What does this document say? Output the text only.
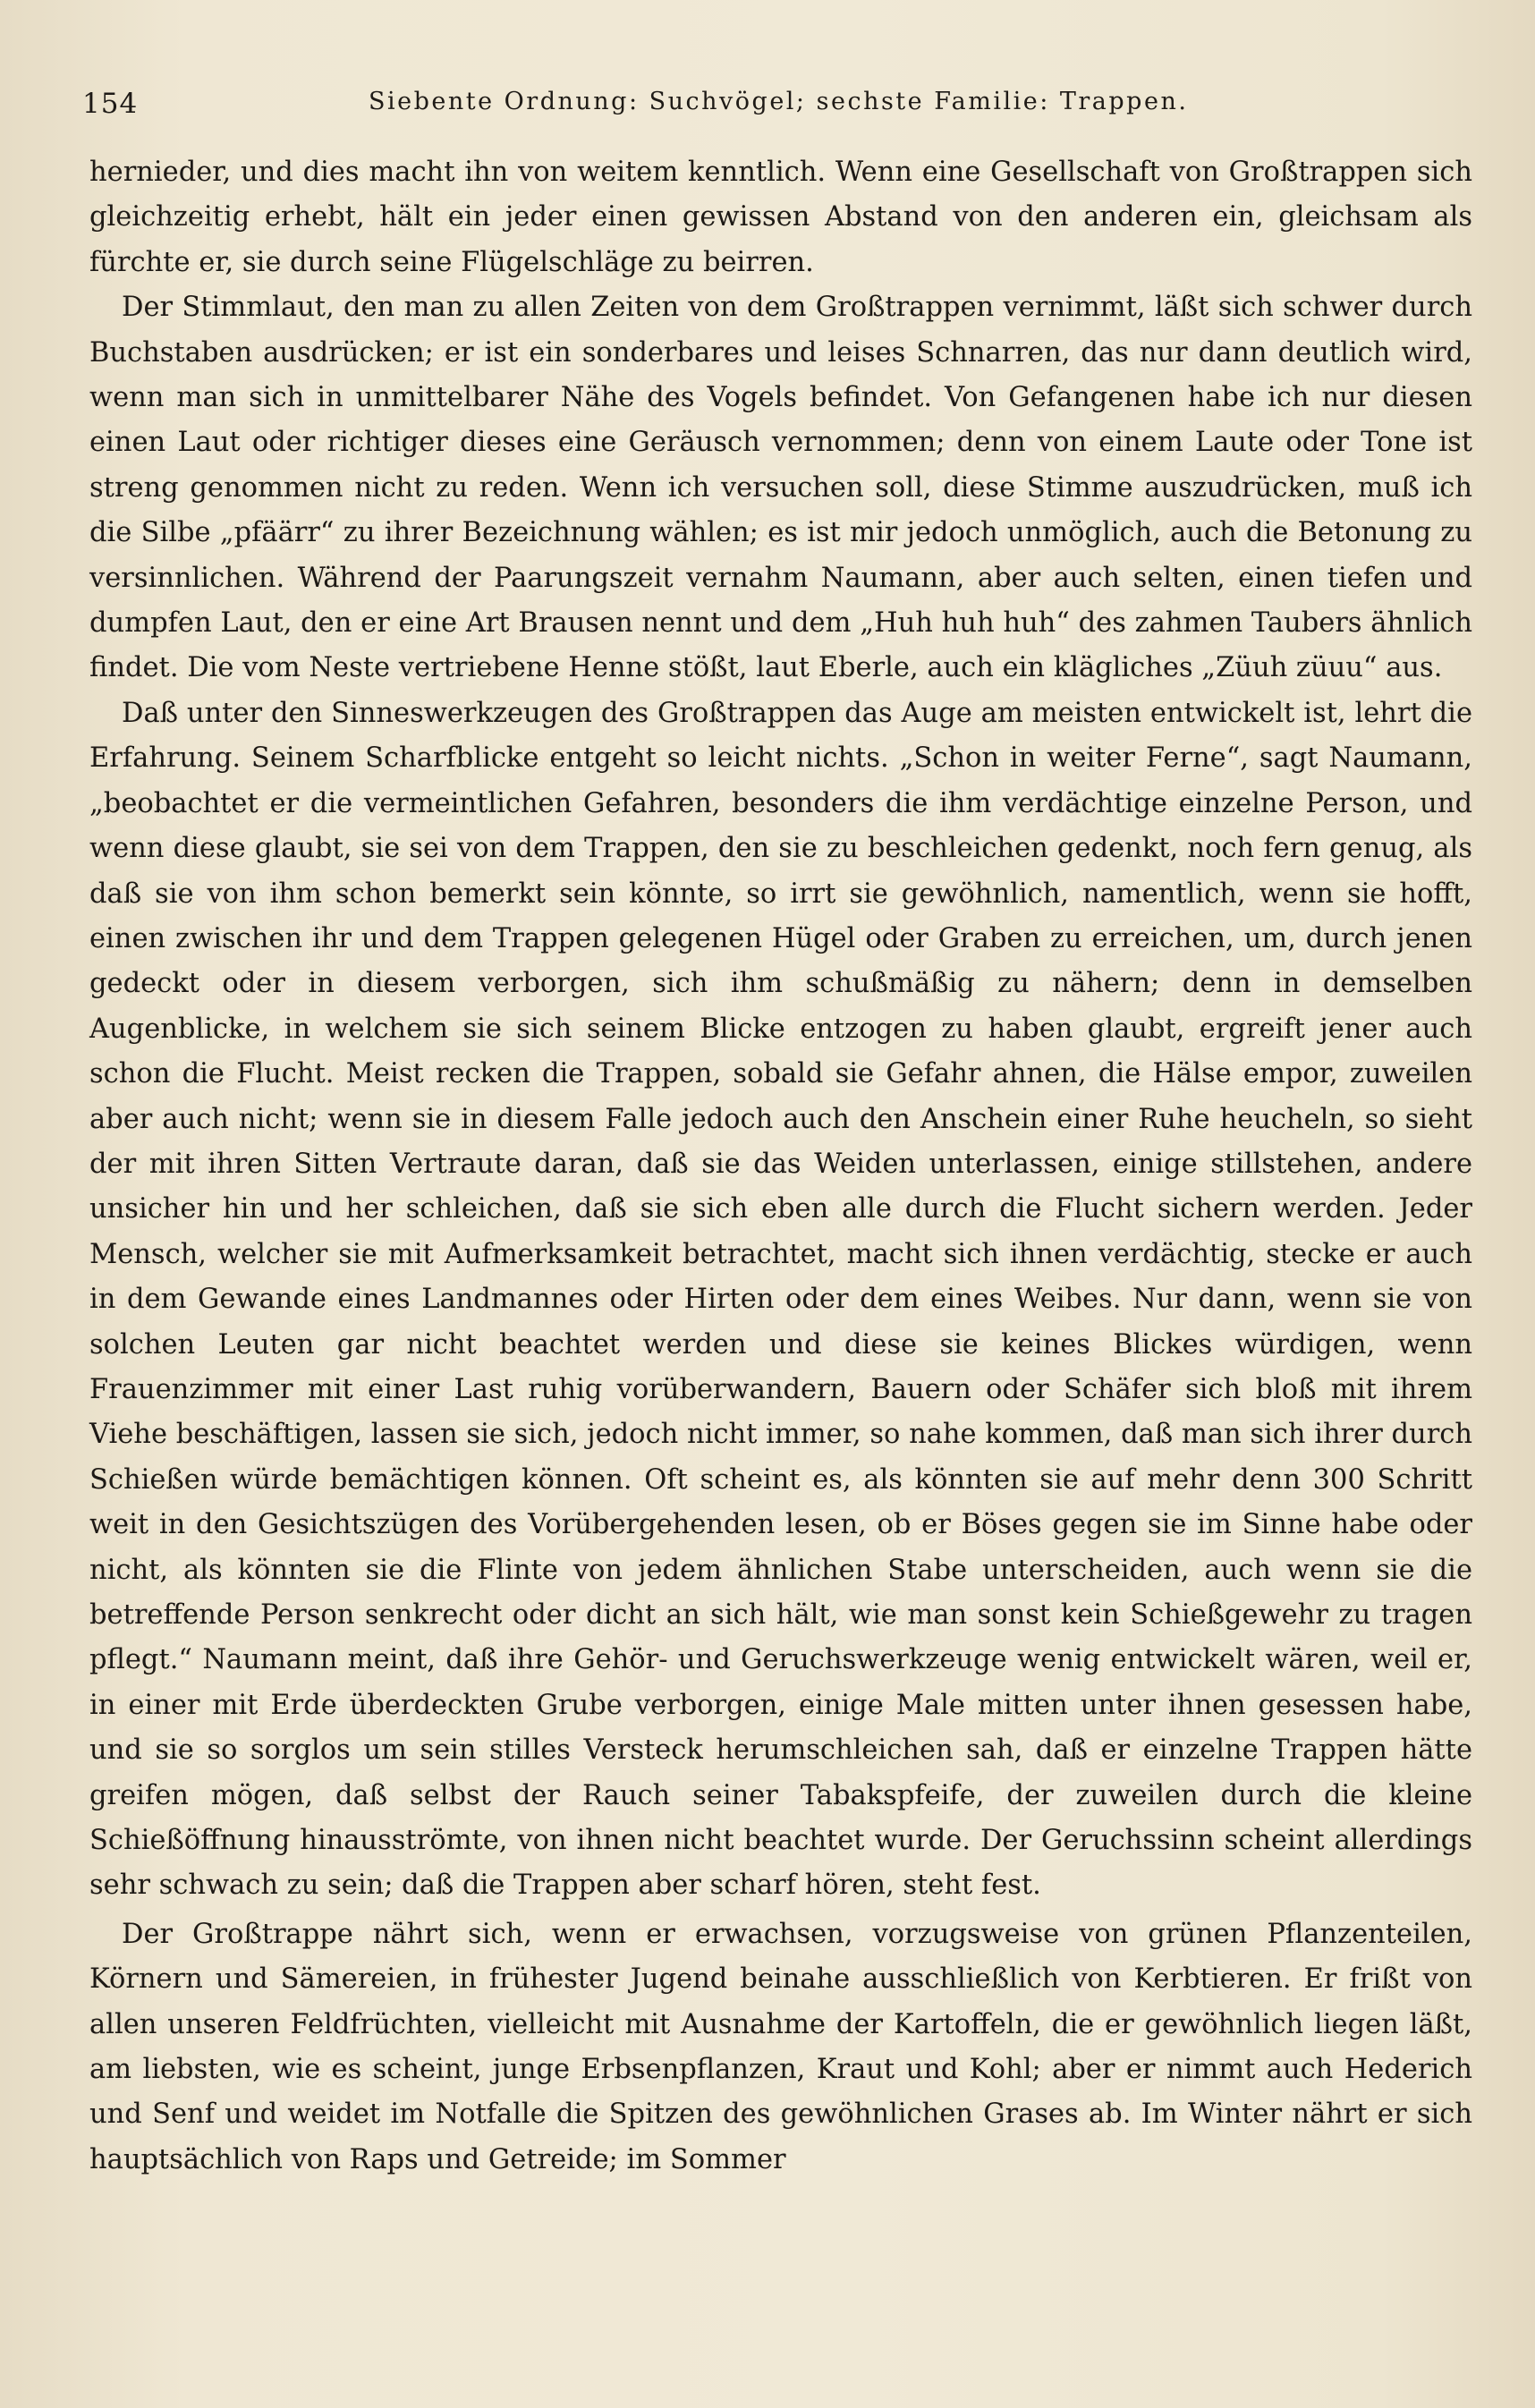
154	Siebente Ordnung: Suchvögel; sechste Familie: Trappen.

hernieder, und dies macht ihn von weitem kenntlich. Wenn eine Gesellschaft von Großtrappen sich gleichzeitig erhebt, hält ein jeder einen gewissen Abstand von den anderen ein, gleichsam als fürchte er, sie durch seine Flügelschläge zu beirren.

Der Stimmlaut, den man zu allen Zeiten von dem Großtrappen vernimmt, läßt sich schwer durch Buchstaben ausdrücken; er ist ein sonderbares und leises Schnarren, das nur dann deutlich wird, wenn man sich in unmittelbarer Nähe des Vogels befindet. Von Gefangenen habe ich nur diesen einen Laut oder richtiger dieses eine Geräusch vernommen; denn von einem Laute oder Tone ist streng genommen nicht zu reden. Wenn ich versuchen soll, diese Stimme auszudrücken, muß ich die Silbe „pfäärr“ zu ihrer Bezeichnung wählen; es ist mir jedoch unmöglich, auch die Betonung zu versinnlichen. Während der Paarungszeit vernahm Naumann, aber auch selten, einen tiefen und dumpfen Laut, den er eine Art Brausen nennt und dem „Huh huh huh“ des zahmen Taubers ähnlich findet. Die vom Neste vertriebene Henne stößt, laut Eberle, auch ein klägliches „Züuh züuu“ aus.

Daß unter den Sinneswerkzeugen des Großtrappen das Auge am meisten entwickelt ist, lehrt die Erfahrung. Seinem Scharfblicke entgeht so leicht nichts. „Schon in weiter Ferne“, sagt Naumann, „beobachtet er die vermeintlichen Gefahren, besonders die ihm verdächtige einzelne Person, und wenn diese glaubt, sie sei von dem Trappen, den sie zu beschleichen gedenkt, noch fern genug, als daß sie von ihm schon bemerkt sein könnte, so irrt sie gewöhnlich, namentlich, wenn sie hofft, einen zwischen ihr und dem Trappen gelegenen Hügel oder Graben zu erreichen, um, durch jenen gedeckt oder in diesem verborgen, sich ihm schußmäßig zu nähern; denn in demselben Augenblicke, in welchem sie sich seinem Blicke entzogen zu haben glaubt, ergreift jener auch schon die Flucht. Meist recken die Trappen, sobald sie Gefahr ahnen, die Hälse empor, zuweilen aber auch nicht; wenn sie in diesem Falle jedoch auch den Anschein einer Ruhe heucheln, so sieht der mit ihren Sitten Vertraute daran, daß sie das Weiden unterlassen, einige stillstehen, andere unsicher hin und her schleichen, daß sie sich eben alle durch die Flucht sichern werden. Jeder Mensch, welcher sie mit Aufmerksamkeit betrachtet, macht sich ihnen verdächtig, stecke er auch in dem Gewande eines Landmannes oder Hirten oder dem eines Weibes. Nur dann, wenn sie von solchen Leuten gar nicht beachtet werden und diese sie keines Blickes würdigen, wenn Frauenzimmer mit einer Last ruhig vorüberwandern, Bauern oder Schäfer sich bloß mit ihrem Viehe beschäftigen, lassen sie sich, jedoch nicht immer, so nahe kommen, daß man sich ihrer durch Schießen würde bemächtigen können. Oft scheint es, als könnten sie auf mehr denn 300 Schritt weit in den Gesichtszügen des Vorübergehenden lesen, ob er Böses gegen sie im Sinne habe oder nicht, als könnten sie die Flinte von jedem ähnlichen Stabe unterscheiden, auch wenn sie die betreffende Person senkrecht oder dicht an sich hält, wie man sonst kein Schießgewehr zu tragen pflegt.“ Naumann meint, daß ihre Gehör- und Geruchswerkzeuge wenig entwickelt wären, weil er, in einer mit Erde überdeckten Grube verborgen, einige Male mitten unter ihnen gesessen habe, und sie so sorglos um sein stilles Versteck herumschleichen sah, daß er einzelne Trappen hätte greifen mögen, daß selbst der Rauch seiner Tabakspfeife, der zuweilen durch die kleine Schießöffnung hinausströmte, von ihnen nicht beachtet wurde. Der Geruchssinn scheint allerdings sehr schwach zu sein; daß die Trappen aber scharf hören, steht fest.

Der Großtrappe nährt sich, wenn er erwachsen, vorzugsweise von grünen Pflanzenteilen, Körnern und Sämereien, in frühester Jugend beinahe ausschließlich von Kerbtieren. Er frißt von allen unseren Feldfrüchten, vielleicht mit Ausnahme der Kartoffeln, die er gewöhnlich liegen läßt, am liebsten, wie es scheint, junge Erbsenpflanzen, Kraut und Kohl; aber er nimmt auch Hederich und Senf und weidet im Notfalle die Spitzen des gewöhnlichen Grases ab. Im Winter nährt er sich hauptsächlich von Raps und Getreide; im Sommer
